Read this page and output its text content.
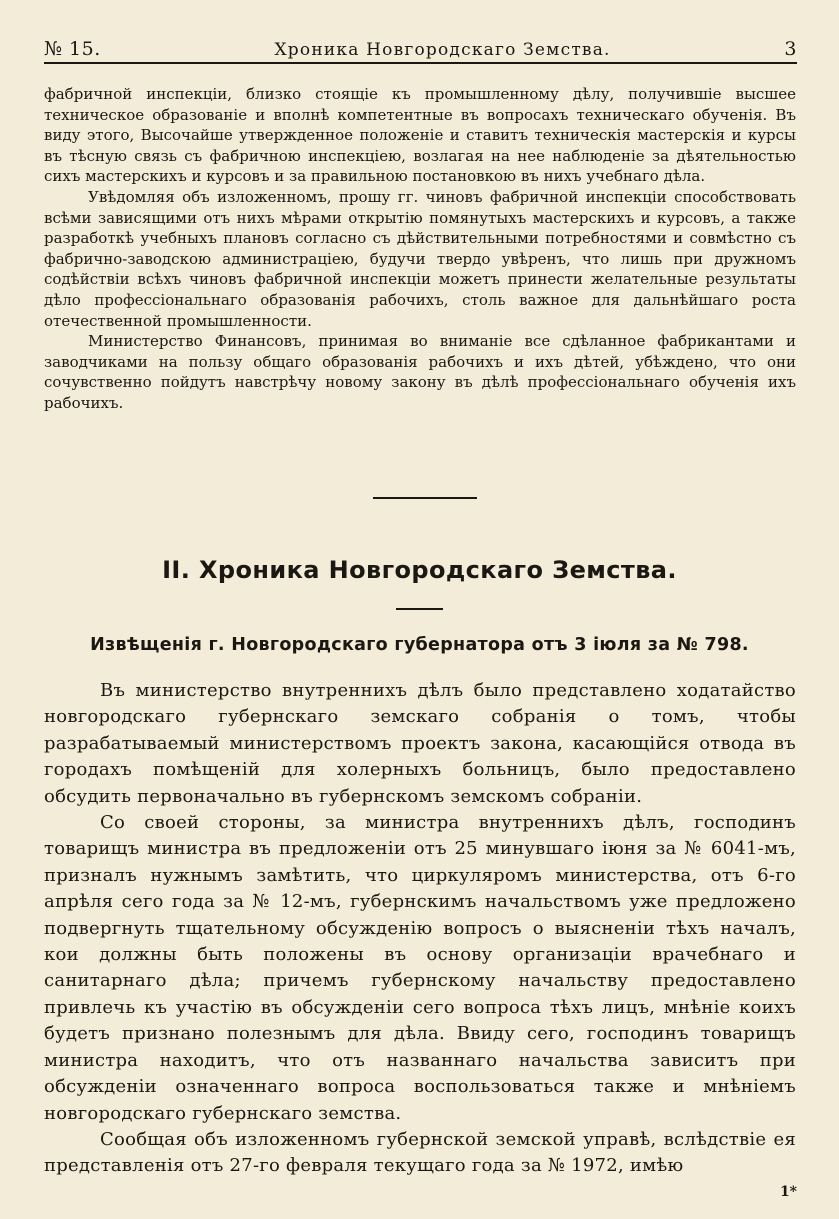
№ 15.	Хроника Новгородскаго Земства.	3

фабричной инспекціи, близко стоящіе къ промышленному дѣлу, получившіе высшее техническое образованіе и вполнѣ компетентные въ вопросахъ техническаго обученія. Въ виду этого, Высочайше утвержденное положеніе и ставитъ техническія мастерскія и курсы въ тѣсную связь съ фабричною инспекціею, возлагая на нее наблюденіе за дѣятельностью сихъ мастерскихъ и курсовъ и за правильною постановкою въ нихъ учебнаго дѣла.

Увѣдомляя объ изложенномъ, прошу гг. чиновъ фабричной инспекціи способствовать всѣми зависящими отъ нихъ мѣрами открытію помянутыхъ мастерскихъ и курсовъ, а также разработкѣ учебныхъ плановъ согласно съ дѣйствительными потребностями и совмѣстно съ фабрично-заводскою администраціею, будучи твердо увѣренъ, что лишь при дружномъ содѣйствіи всѣхъ чиновъ фабричной инспекціи можетъ принести желательные результаты дѣло профессіональнаго образованія рабочихъ, столь важное для дальнѣйшаго роста отечественной промышленности.

Министерство Финансовъ, принимая во вниманіе все сдѣланное фабрикантами и заводчиками на пользу общаго образованія рабочихъ и ихъ дѣтей, убѣждено, что они сочувственно пойдутъ навстрѣчу новому закону въ дѣлѣ профессіональнаго обученія ихъ рабочихъ.

II. Хроника Новгородскаго Земства.
Извѣщенія г. Новгородскаго губернатора отъ 3 іюля за № 798.

Въ министерство внутреннихъ дѣлъ было представлено ходатайство новгородскаго губернскаго земскаго собранія о томъ, чтобы разрабатываемый министерствомъ проектъ закона, касающійся отвода въ городахъ помѣщеній для холерныхъ больницъ, было предоставлено обсудить первоначально въ губернскомъ земскомъ собраніи.

Со своей стороны, за министра внутреннихъ дѣлъ, господинъ товарищъ министра въ предложеніи отъ 25 минувшаго іюня за № 6041-мъ, призналъ нужнымъ замѣтить, что циркуляромъ министерства, отъ 6-го апрѣля сего года за № 12-мъ, губернскимъ начальствомъ уже предложено подвергнуть тщательному обсужденію вопросъ о выясненіи тѣхъ началъ, кои должны быть положены въ основу организаціи врачебнаго и санитарнаго дѣла; причемъ губернскому начальству предоставлено привлечь къ участію въ обсужденіи сего вопроса тѣхъ лицъ, мнѣніе коихъ будетъ признано полезнымъ для дѣла. Ввиду сего, господинъ товарищъ министра находитъ, что отъ названнаго начальства зависитъ при обсужденіи означеннаго вопроса воспользоваться также и мнѣніемъ новгородскаго губернскаго земства.

Сообщая объ изложенномъ губернской земской управѣ, вслѣдствіе ея представленія отъ 27-го февраля текущаго года за № 1972, имѣю

1*
